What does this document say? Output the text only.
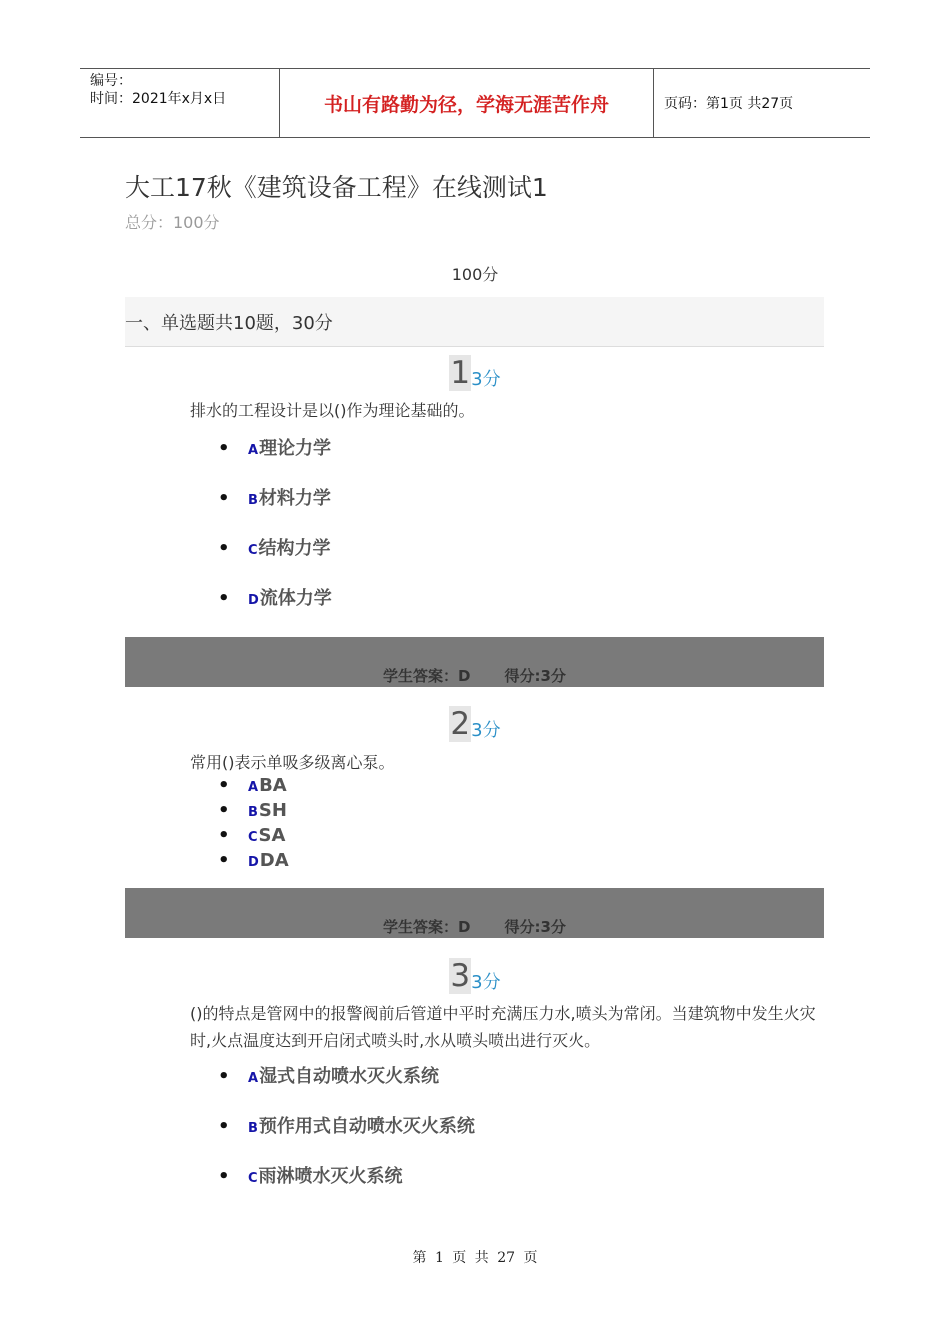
编号：
时间：2021年x月x日	书山有路勤为径，学海无涯苦作舟	页码：第1页 共27页
大工17秋《建筑设备工程》在线测试1
总分：100分
100分
一、单选题共10题，30分
13分
排水的工程设计是以()作为理论基础的。
• A理论力学
• B材料力学
• C结构力学
• D流体力学
学生答案：D 得分:3分
23分
常用()表示单吸多级离心泵。
• ABA
• BSH
• CSA
• DDA
学生答案：D 得分:3分
33分
()的特点是管网中的报警阀前后管道中平时充满压力水,喷头为常闭。当建筑物中发生火灾时,火点温度达到开启闭式喷头时,水从喷头喷出进行灭火。
• A湿式自动喷水灭火系统
• B预作用式自动喷水灭火系统
• C雨淋喷水灭火系统
第 1 页 共 27 页
